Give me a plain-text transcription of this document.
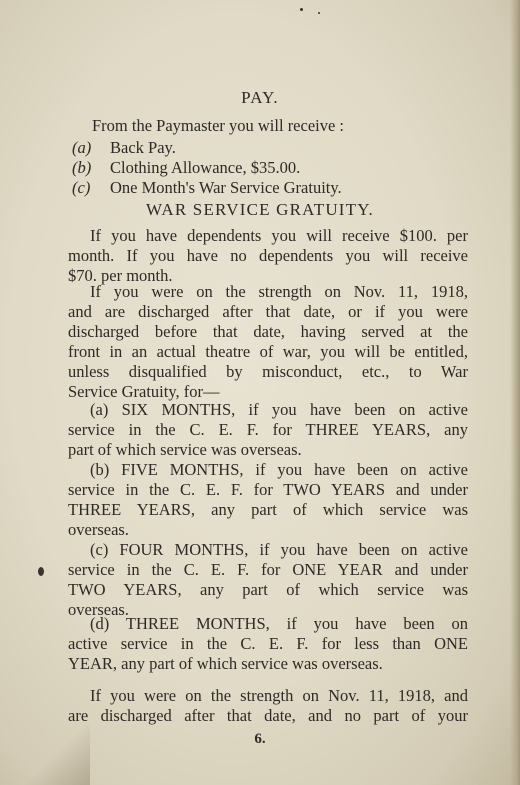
PAY.
From the Paymaster you will receive :
(a) Back Pay.
(b) Clothing Allowance, $35.00.
(c) One Month's War Service Gratuity.
WAR SERVICE GRATUITY.
If you have dependents you will receive $100. per
month. If you have no dependents you will receive
$70. per month.
If you were on the strength on Nov. 11, 1918,
and are discharged after that date, or if you were
discharged before that date, having served at the
front in an actual theatre of war, you will be entitled,
unless disqualified by misconduct, etc., to War
Service Gratuity, for—
(a) SIX MONTHS, if you have been on active
service in the C. E. F. for THREE YEARS, any
part of which service was overseas.
(b) FIVE MONTHS, if you have been on active
service in the C. E. F. for TWO YEARS and under
THREE YEARS, any part of which service was
overseas.
(c) FOUR MONTHS, if you have been on active
service in the C. E. F. for ONE YEAR and under
TWO YEARS, any part of which service was
overseas.
(d) THREE MONTHS, if you have been on
active service in the C. E. F. for less than ONE
YEAR, any part of which service was overseas.
6.
If you were on the strength on Nov. 11, 1918, and
are discharged after that date, and no part of your
